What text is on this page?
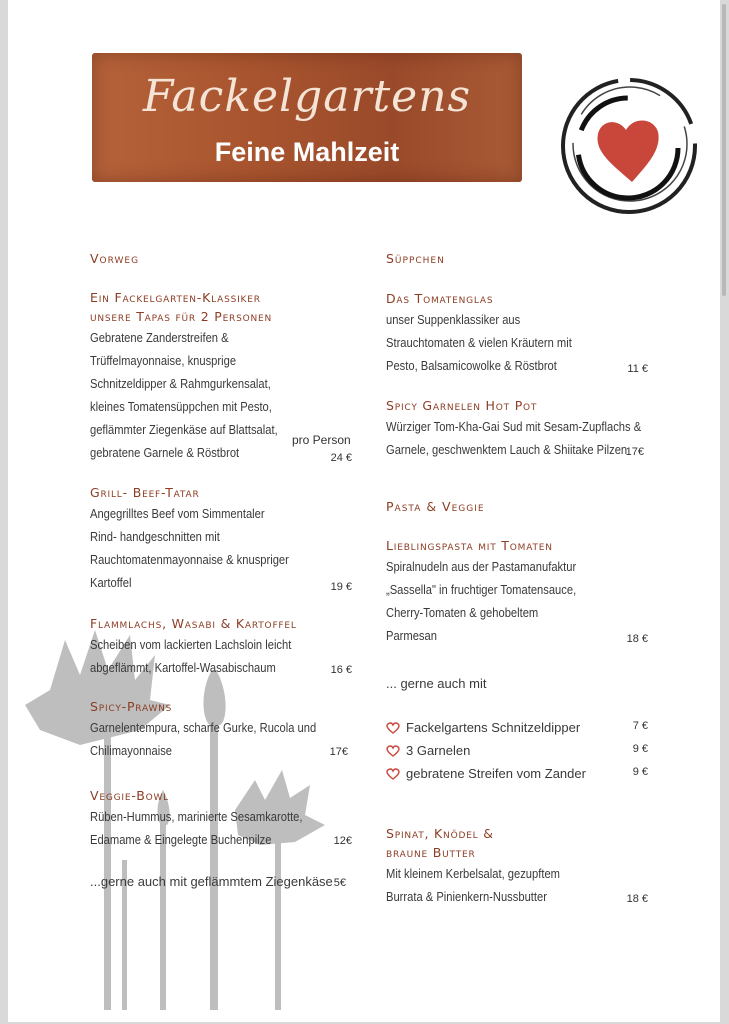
Fackelgartens
Feine Mahlzeit
Vorweg
Ein Fackelgarten-Klassiker
unsere Tapas für 2 Personen
Gebratene Zanderstreifen &
Trüffelmayonnaise, knusprige
Schnitzeldipper & Rahmgurkensalat,
kleines Tomatensüppchen mit Pesto,
geflämmter Ziegenkäse auf Blattsalat,
gebratene Garnele & Röstbrot
pro Person
24 €
Grill- Beef-Tatar
Angegrilltes Beef vom Simmentaler
Rind- handgeschnitten mit
Rauchtomatenmayonnaise & knuspriger
Kartoffel	19 €
Flammlachs, Wasabi & Kartoffel
Scheiben vom lackierten Lachsloin leicht
abgeflämmt, Kartoffel-Wasabischaum	16 €
Spicy-Prawns
Garnelentempura, scharfe Gurke, Rucola und
Chilimayonnaise	17€
Veggie-Bowl
Rüben-Hummus, marinierte Sesamkarotte,
Edamame & Eingelegte Buchenpilze	12€
...gerne auch mit geflämmtem Ziegenkäse 5€
Süppchen
Das Tomatenglas
unser Suppenklassiker aus
Strauchtomaten & vielen Kräutern mit
Pesto, Balsamicowolke & Röstbrot	11 €
Spicy Garnelen Hot Pot
Würziger Tom-Kha-Gai Sud mit Sesam-Zupflachs &
Garnele, geschwenktem Lauch & Shiitake Pilzen
17€
Pasta & Veggie
Lieblingspasta mit Tomaten
Spiralnudeln aus der Pastamanufaktur
„Sassella" in fruchtiger Tomatensauce,
Cherry-Tomaten & gehobeltem
Parmesan	18 €
... gerne auch mit
Fackelgartens Schnitzeldipper	7 €
3 Garnelen	9 €
gebratene Streifen vom Zander	9 €
Spinat, Knödel &
braune Butter
Mit kleinem Kerbelsalat, gezupftem
Burrata & Pinienkern-Nussbutter	18 €
